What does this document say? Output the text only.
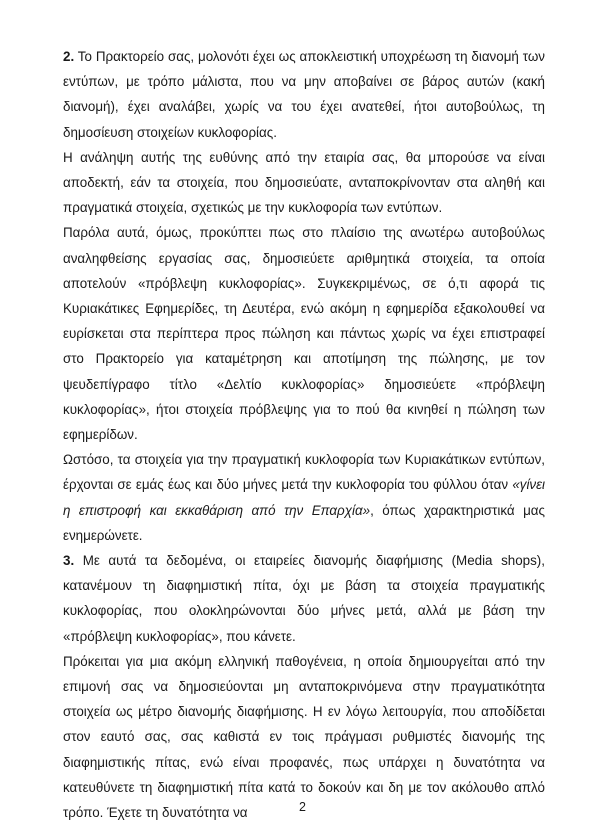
2. Το Πρακτορείο σας, μολονότι έχει ως αποκλειστική υποχρέωση τη διανομή των εντύπων, με τρόπο μάλιστα, που να μην αποβαίνει σε βάρος αυτών (κακή διανομή), έχει αναλάβει, χωρίς να του έχει ανατεθεί, ήτοι αυτοβούλως, τη δημοσίευση στοιχείων κυκλοφορίας.

Η ανάληψη αυτής της ευθύνης από την εταιρία σας, θα μπορούσε να είναι αποδεκτή, εάν τα στοιχεία, που δημοσιεύατε, ανταποκρίνονταν στα αληθή και πραγματικά στοιχεία, σχετικώς με την κυκλοφορία των εντύπων.

Παρόλα αυτά, όμως, προκύπτει πως στο πλαίσιο της ανωτέρω αυτοβούλως αναληφθείσης εργασίας σας, δημοσιεύετε αριθμητικά στοιχεία, τα οποία αποτελούν «πρόβλεψη κυκλοφορίας». Συγκεκριμένως, σε ό,τι αφορά τις Κυριακάτικες Εφημερίδες, τη Δευτέρα, ενώ ακόμη η εφημερίδα εξακολουθεί να ευρίσκεται στα περίπτερα προς πώληση και πάντως χωρίς να έχει επιστραφεί στο Πρακτορείο για καταμέτρηση και αποτίμηση της πώλησης, με τον ψευδεπίγραφο τίτλο «Δελτίο κυκλοφορίας» δημοσιεύετε «πρόβλεψη κυκλοφορίας», ήτοι στοιχεία πρόβλεψης για το πού θα κινηθεί η πώληση των εφημερίδων.

Ωστόσο, τα στοιχεία για την πραγματική κυκλοφορία των Κυριακάτικων εντύπων, έρχονται σε εμάς έως και δύο μήνες μετά την κυκλοφορία του φύλλου όταν «γίνει η επιστροφή και εκκαθάριση από την Επαρχία», όπως χαρακτηριστικά μας ενημερώνετε.

3. Με αυτά τα δεδομένα, οι εταιρείες διανομής διαφήμισης (Media shops), κατανέμουν τη διαφημιστική πίτα, όχι με βάση τα στοιχεία πραγματικής κυκλοφορίας, που ολοκληρώνονται δύο μήνες μετά, αλλά με βάση την «πρόβλεψη κυκλοφορίας», που κάνετε.

Πρόκειται για μια ακόμη ελληνική παθογένεια, η οποία δημιουργείται από την επιμονή σας να δημοσιεύονται μη ανταποκρινόμενα στην πραγματικότητα στοιχεία ως μέτρο διανομής διαφήμισης. Η εν λόγω λειτουργία, που αποδίδεται στον εαυτό σας, σας καθιστά εν τοις πράγμασι ρυθμιστές διανομής της διαφημιστικής πίτας, ενώ είναι προφανές, πως υπάρχει η δυνατότητα να κατευθύνετε τη διαφημιστική πίτα κατά το δοκούν και δη με τον ακόλουθο απλό τρόπο. Έχετε τη δυνατότητα να	2
